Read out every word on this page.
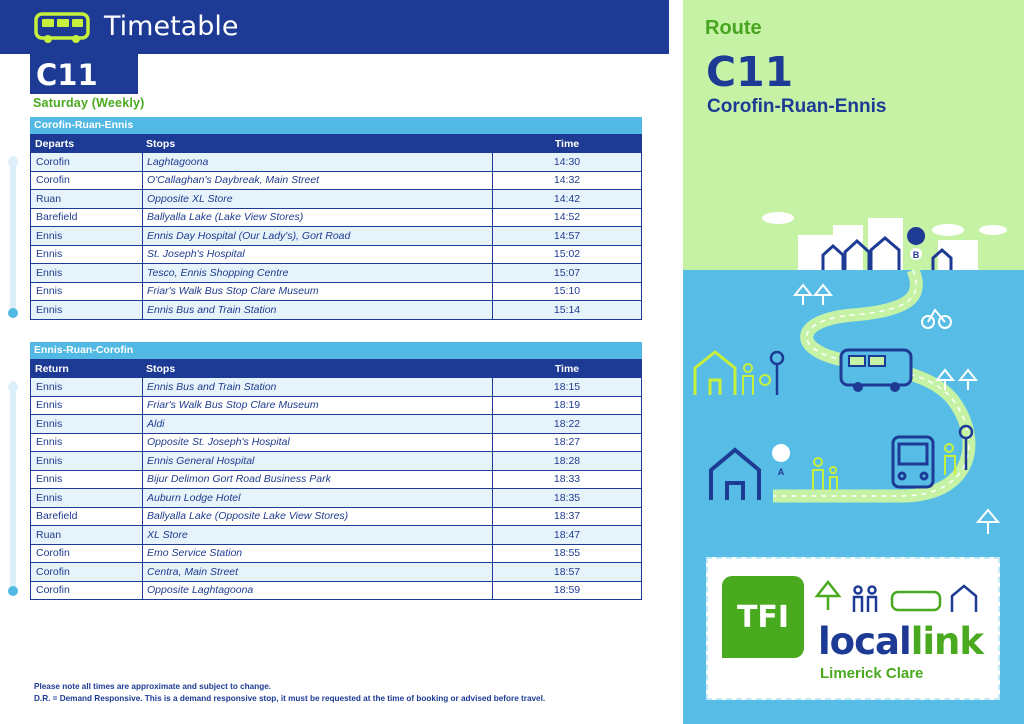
Timetable
C11
Saturday (Weekly)
Corofin-Ruan-Ennis
Departs	Stops	Time
Corofin	Laghtagoona	14:30
Corofin	O'Callaghan's Daybreak, Main Street	14:32
Ruan	Opposite XL Store	14:42
Barefield	Ballyalla Lake (Lake View Stores)	14:52
Ennis	Ennis Day Hospital (Our Lady's), Gort Road	14:57
Ennis	St. Joseph's Hospital	15:02
Ennis	Tesco, Ennis Shopping Centre	15:07
Ennis	Friar's Walk Bus Stop Clare Museum	15:10
Ennis	Ennis Bus and Train Station	15:14
Ennis-Ruan-Corofin
Return	Stops	Time
Ennis	Ennis Bus and Train Station	18:15
Ennis	Friar's Walk Bus Stop Clare Museum	18:19
Ennis	Aldi	18:22
Ennis	Opposite St. Joseph's Hospital	18:27
Ennis	Ennis General Hospital	18:28
Ennis	Bijur Delimon Gort Road Business Park	18:33
Ennis	Auburn Lodge Hotel	18:35
Barefield	Ballyalla Lake (Opposite Lake View Stores)	18:37
Ruan	XL Store	18:47
Corofin	Emo Service Station	18:55
Corofin	Centra, Main Street	18:57
Corofin	Opposite Laghtagoona	18:59
Please note all times are approximate and subject to change.
D.R. = Demand Responsive. This is a demand responsive stop, it must be requested at the time of booking or advised before travel.
Route
C11
Corofin-Ruan-Ennis
B
A
TFI
locallink
Limerick Clare
